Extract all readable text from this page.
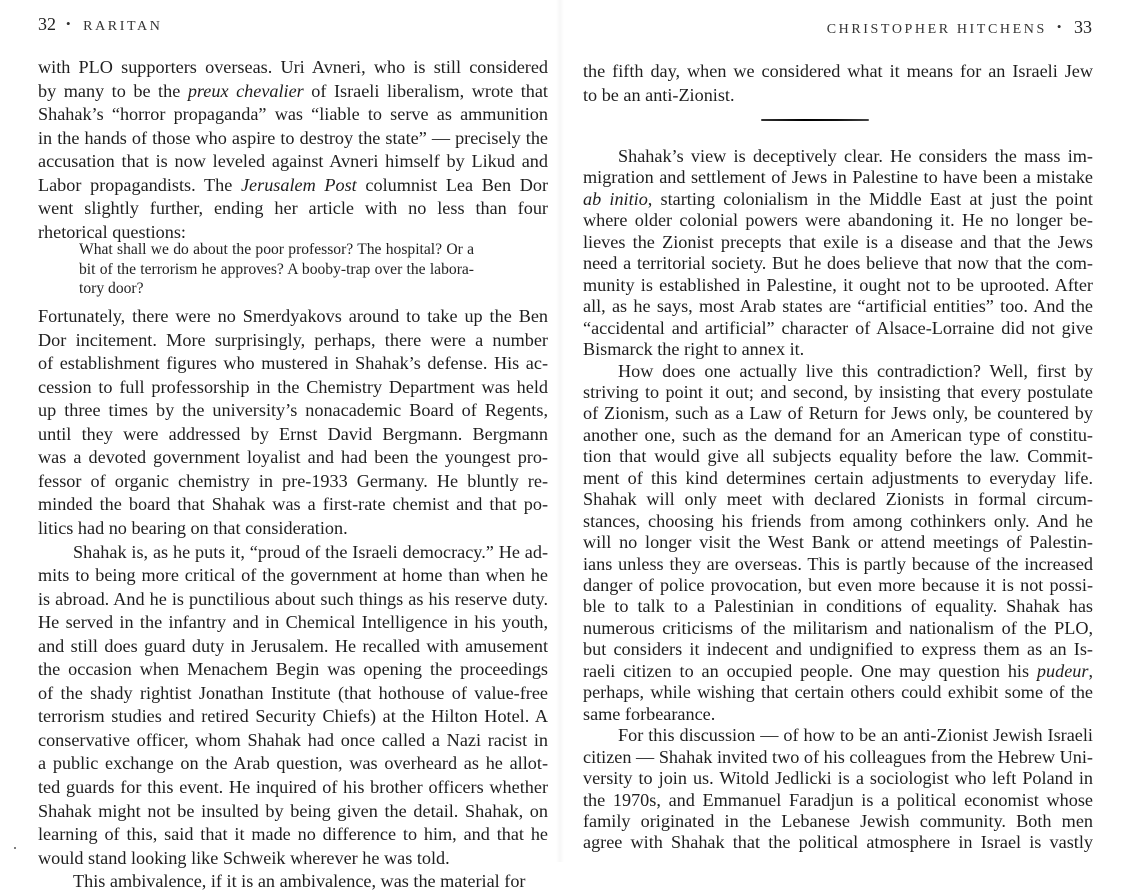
32 • RARITAN
with PLO supporters overseas. Uri Avneri, who is still considered
by many to be the preux chevalier of Israeli liberalism, wrote that
Shahak’s “horror propaganda” was “liable to serve as ammunition
in the hands of those who aspire to destroy the state” — precisely the
accusation that is now leveled against Avneri himself by Likud and
Labor propagandists. The Jerusalem Post columnist Lea Ben Dor
went slightly further, ending her article with no less than four
rhetorical questions:
What shall we do about the poor professor? The hospital? Or a
bit of the terrorism he approves? A booby-trap over the labora-
tory door?
Fortunately, there were no Smerdyakovs around to take up the Ben
Dor incitement. More surprisingly, perhaps, there were a number
of establishment figures who mustered in Shahak’s defense. His ac-
cession to full professorship in the Chemistry Department was held
up three times by the university’s nonacademic Board of Regents,
until they were addressed by Ernst David Bergmann. Bergmann
was a devoted government loyalist and had been the youngest pro-
fessor of organic chemistry in pre-1933 Germany. He bluntly re-
minded the board that Shahak was a first-rate chemist and that po-
litics had no bearing on that consideration.
Shahak is, as he puts it, “proud of the Israeli democracy.” He ad-
mits to being more critical of the government at home than when he
is abroad. And he is punctilious about such things as his reserve duty.
He served in the infantry and in Chemical Intelligence in his youth,
and still does guard duty in Jerusalem. He recalled with amusement
the occasion when Menachem Begin was opening the proceedings
of the shady rightist Jonathan Institute (that hothouse of value-free
terrorism studies and retired Security Chiefs) at the Hilton Hotel. A
conservative officer, whom Shahak had once called a Nazi racist in
a public exchange on the Arab question, was overheard as he allot-
ted guards for this event. He inquired of his brother officers whether
Shahak might not be insulted by being given the detail. Shahak, on
learning of this, said that it made no difference to him, and that he
would stand looking like Schweik wherever he was told.
This ambivalence, if it is an ambivalence, was the material for
CHRISTOPHER HITCHENS • 33
the fifth day, when we considered what it means for an Israeli Jew
to be an anti-Zionist.
Shahak’s view is deceptively clear. He considers the mass im-
migration and settlement of Jews in Palestine to have been a mistake
ab initio, starting colonialism in the Middle East at just the point
where older colonial powers were abandoning it. He no longer be-
lieves the Zionist precepts that exile is a disease and that the Jews
need a territorial society. But he does believe that now that the com-
munity is established in Palestine, it ought not to be uprooted. After
all, as he says, most Arab states are “artificial entities” too. And the
“accidental and artificial” character of Alsace-Lorraine did not give
Bismarck the right to annex it.
How does one actually live this contradiction? Well, first by
striving to point it out; and second, by insisting that every postulate
of Zionism, such as a Law of Return for Jews only, be countered by
another one, such as the demand for an American type of constitu-
tion that would give all subjects equality before the law. Commit-
ment of this kind determines certain adjustments to everyday life.
Shahak will only meet with declared Zionists in formal circum-
stances, choosing his friends from among cothinkers only. And he
will no longer visit the West Bank or attend meetings of Palestin-
ians unless they are overseas. This is partly because of the increased
danger of police provocation, but even more because it is not possi-
ble to talk to a Palestinian in conditions of equality. Shahak has
numerous criticisms of the militarism and nationalism of the PLO,
but considers it indecent and undignified to express them as an Is-
raeli citizen to an occupied people. One may question his pudeur,
perhaps, while wishing that certain others could exhibit some of the
same forbearance.
For this discussion — of how to be an anti-Zionist Jewish Israeli
citizen — Shahak invited two of his colleagues from the Hebrew Uni-
versity to join us. Witold Jedlicki is a sociologist who left Poland in
the 1970s, and Emmanuel Faradjun is a political economist whose
family originated in the Lebanese Jewish community. Both men
agree with Shahak that the political atmosphere in Israel is vastly
